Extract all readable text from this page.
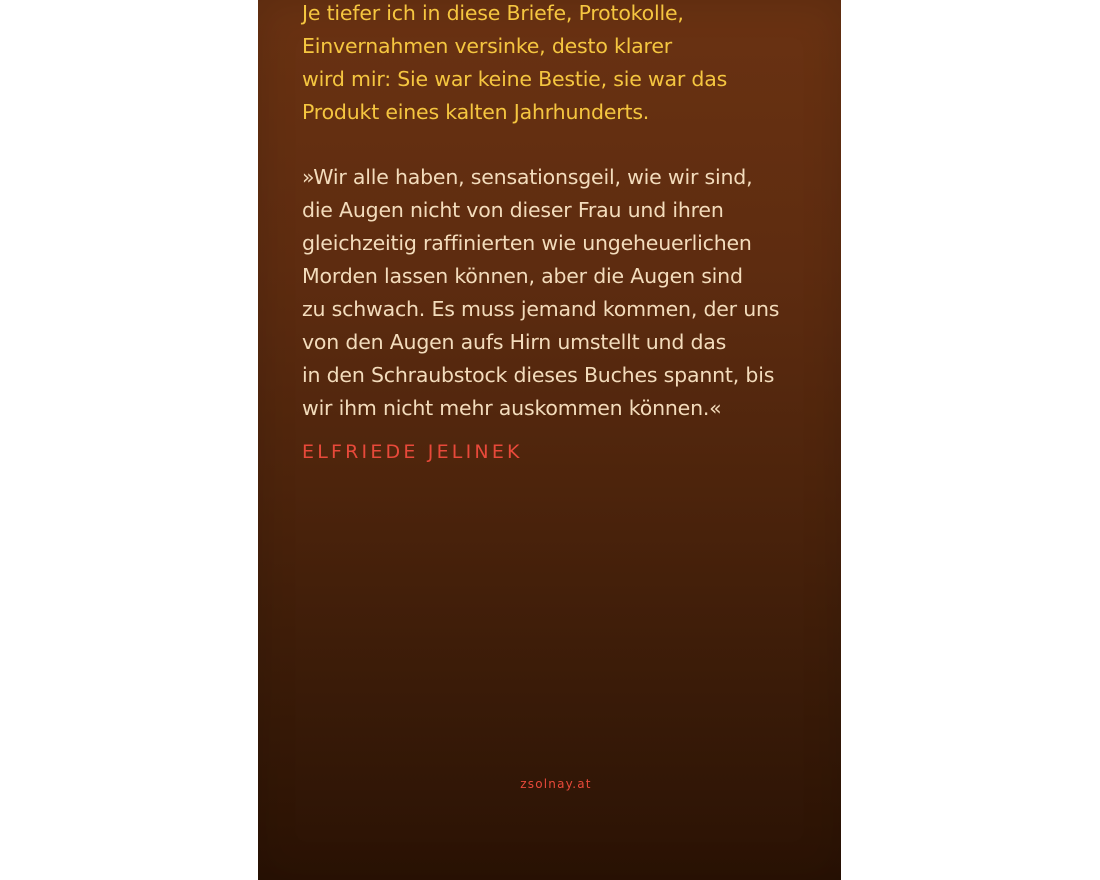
Je tiefer ich in diese Briefe, Protokolle,
Einvernahmen versinke, desto klarer
wird mir: Sie war keine Bestie, sie war das
Produkt eines kalten Jahrhunderts.
»Wir alle haben, sensationsgeil, wie wir sind,
die Augen nicht von dieser Frau und ihren
gleichzeitig raffinierten wie ungeheuerlichen
Morden lassen können, aber die Augen sind
zu schwach. Es muss jemand kommen, der uns
von den Augen aufs Hirn umstellt und das
in den Schraubstock dieses Buches spannt, bis
wir ihm nicht mehr auskommen können.«
ELFRIEDE JELINEK
zsolnay.at
